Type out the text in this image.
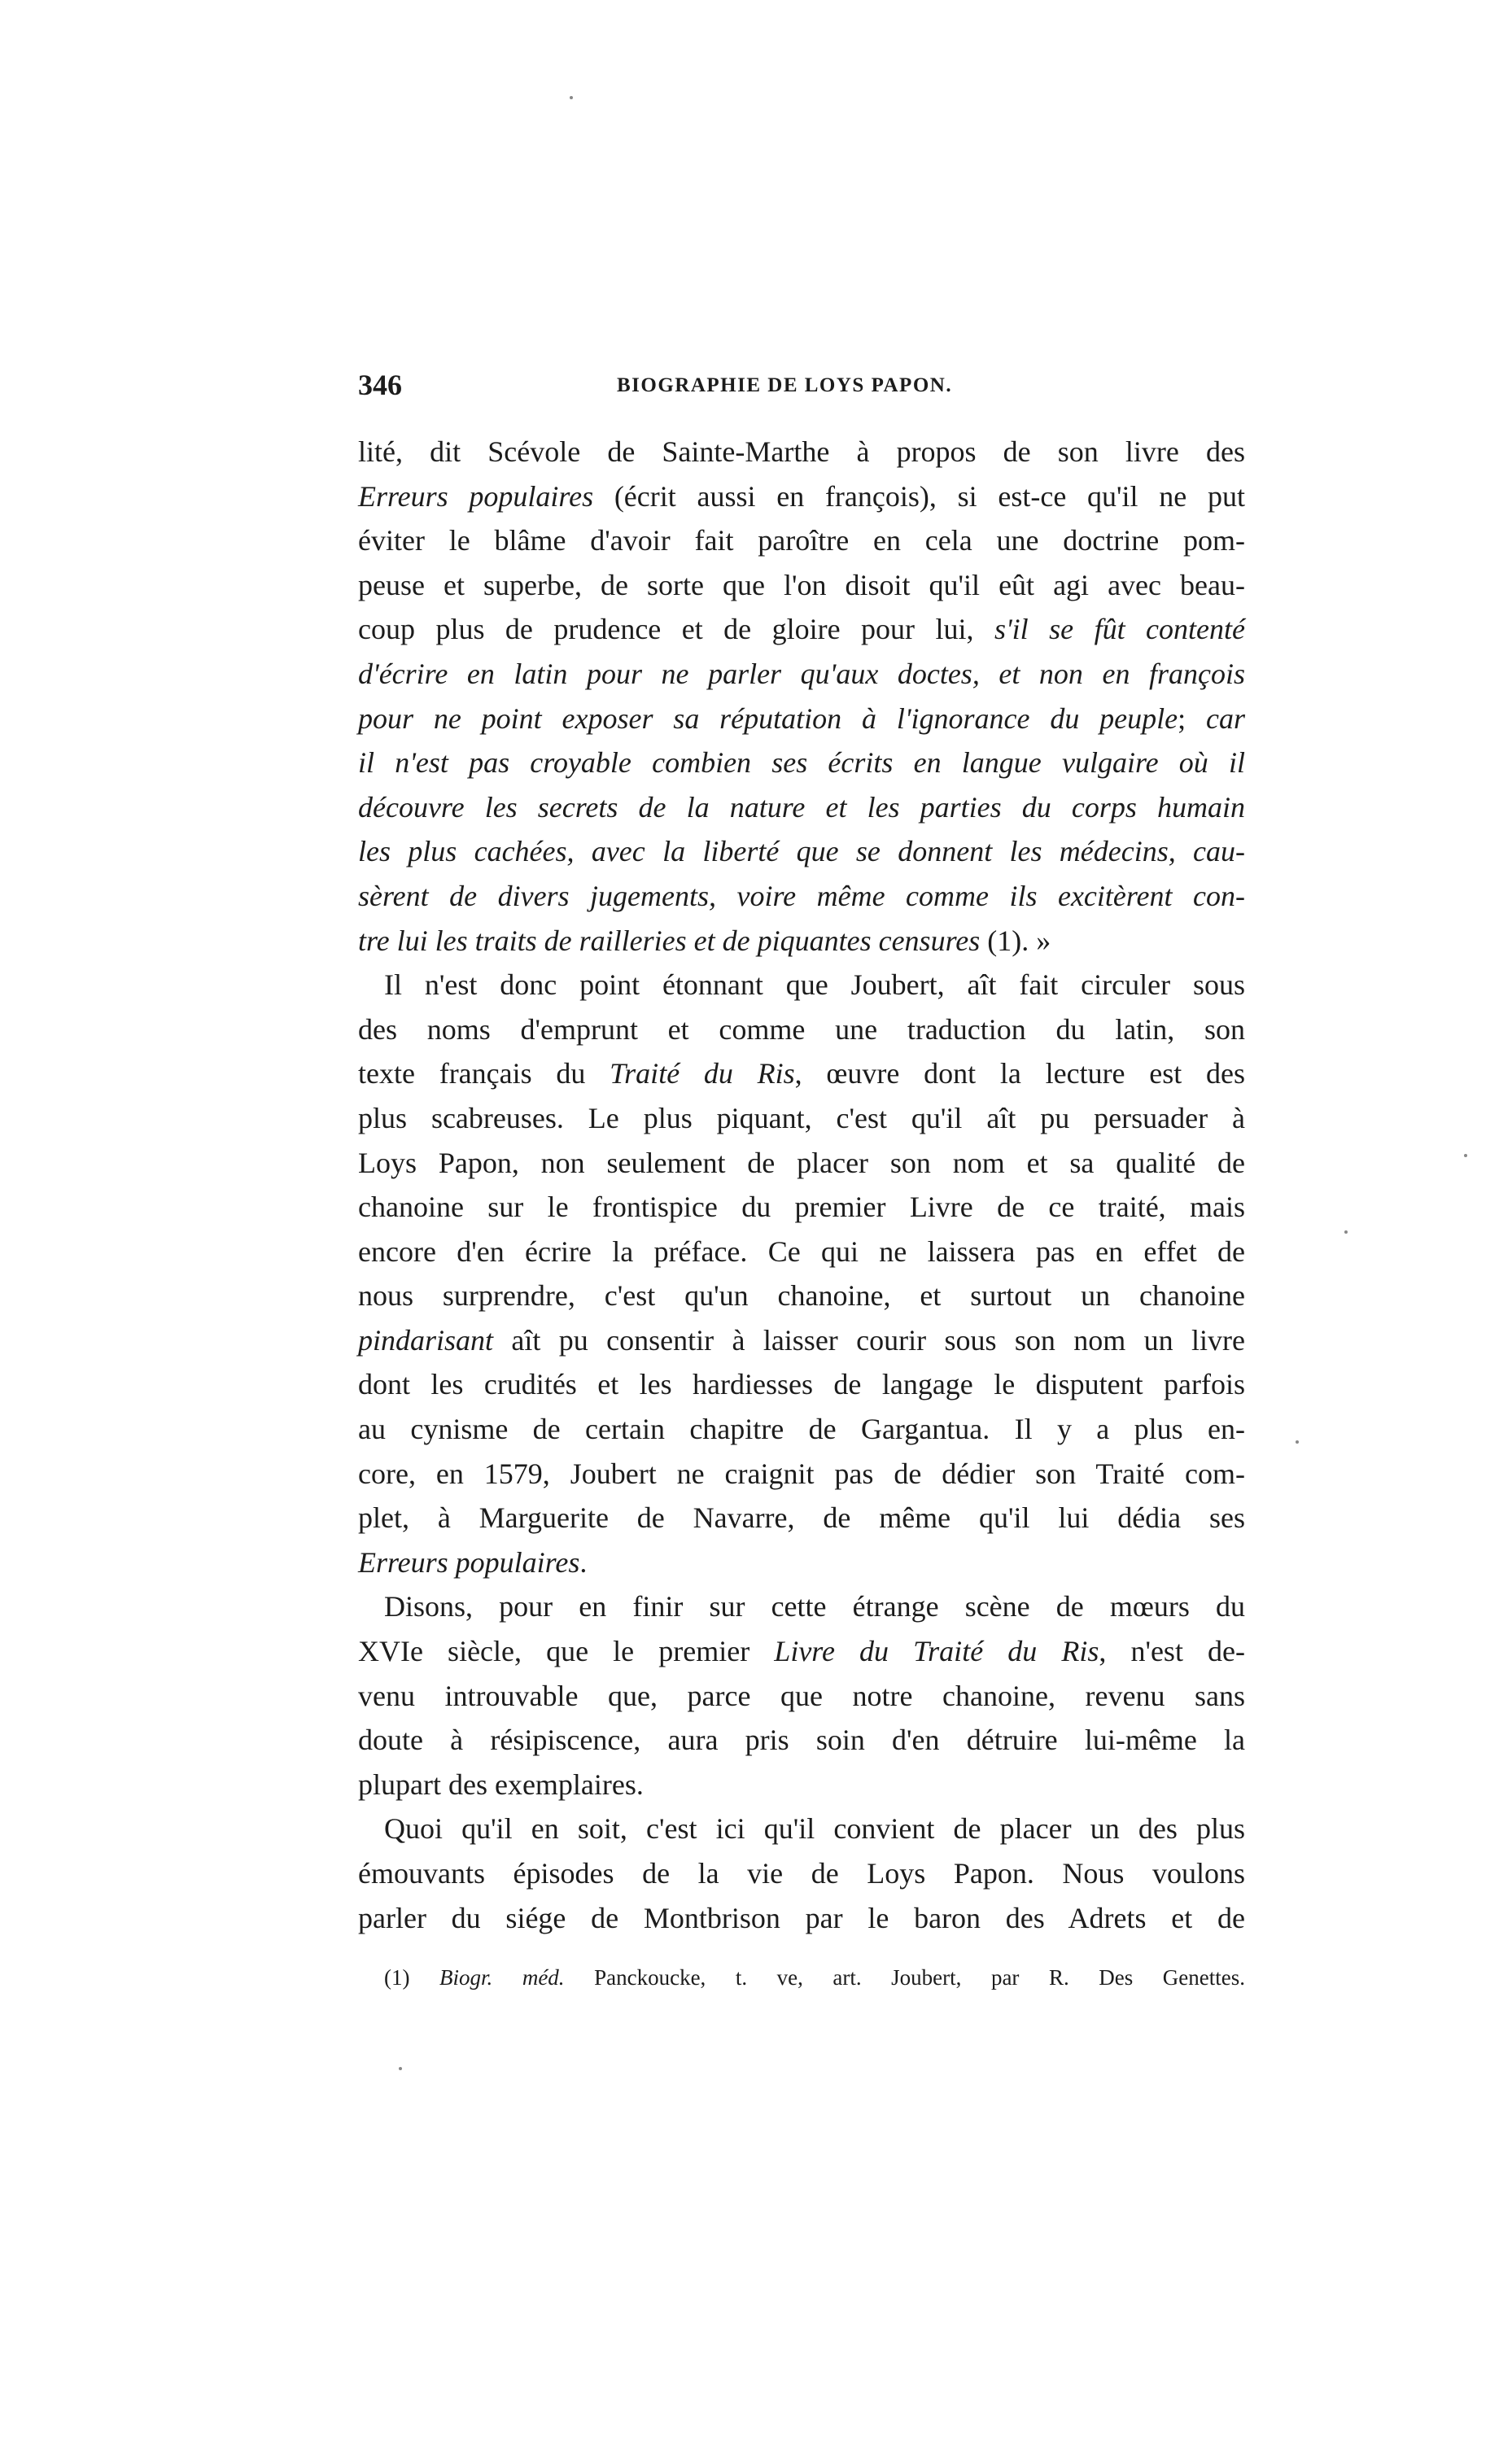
346	BIOGRAPHIE DE LOYS PAPON.
lité, dit Scévole de Sainte-Marthe à propos de son livre des
Erreurs populaires (écrit aussi en françois), si est-ce qu'il ne put
éviter le blâme d'avoir fait paroître en cela une doctrine pom-
peuse et superbe, de sorte que l'on disoit qu'il eût agi avec beau-
coup plus de prudence et de gloire pour lui, s'il se fût contenté
d'écrire en latin pour ne parler qu'aux doctes, et non en françois
pour ne point exposer sa réputation à l'ignorance du peuple; car
il n'est pas croyable combien ses écrits en langue vulgaire où il
découvre les secrets de la nature et les parties du corps humain
les plus cachées, avec la liberté que se donnent les médecins, cau-
sèrent de divers jugements, voire même comme ils excitèrent con-
tre lui les traits de railleries et de piquantes censures (1). »
Il n'est donc point étonnant que Joubert, aît fait circuler sous
des noms d'emprunt et comme une traduction du latin, son
texte français du Traité du Ris, œuvre dont la lecture est des
plus scabreuses. Le plus piquant, c'est qu'il aît pu persuader à
Loys Papon, non seulement de placer son nom et sa qualité de
chanoine sur le frontispice du premier Livre de ce traité, mais
encore d'en écrire la préface. Ce qui ne laissera pas en effet de
nous surprendre, c'est qu'un chanoine, et surtout un chanoine
pindarisant aît pu consentir à laisser courir sous son nom un livre
dont les crudités et les hardiesses de langage le disputent parfois
au cynisme de certain chapitre de Gargantua. Il y a plus en-
core, en 1579, Joubert ne craignit pas de dédier son Traité com-
plet, à Marguerite de Navarre, de même qu'il lui dédia ses
Erreurs populaires.
Disons, pour en finir sur cette étrange scène de mœurs du
XVIe siècle, que le premier Livre du Traité du Ris, n'est de-
venu introuvable que, parce que notre chanoine, revenu sans
doute à résipiscence, aura pris soin d'en détruire lui-même la
plupart des exemplaires.
Quoi qu'il en soit, c'est ici qu'il convient de placer un des plus
émouvants épisodes de la vie de Loys Papon. Nous voulons
parler du siége de Montbrison par le baron des Adrets et de
(1) Biogr. méd. Panckoucke, t. ve, art. Joubert, par R. Des Genettes.
